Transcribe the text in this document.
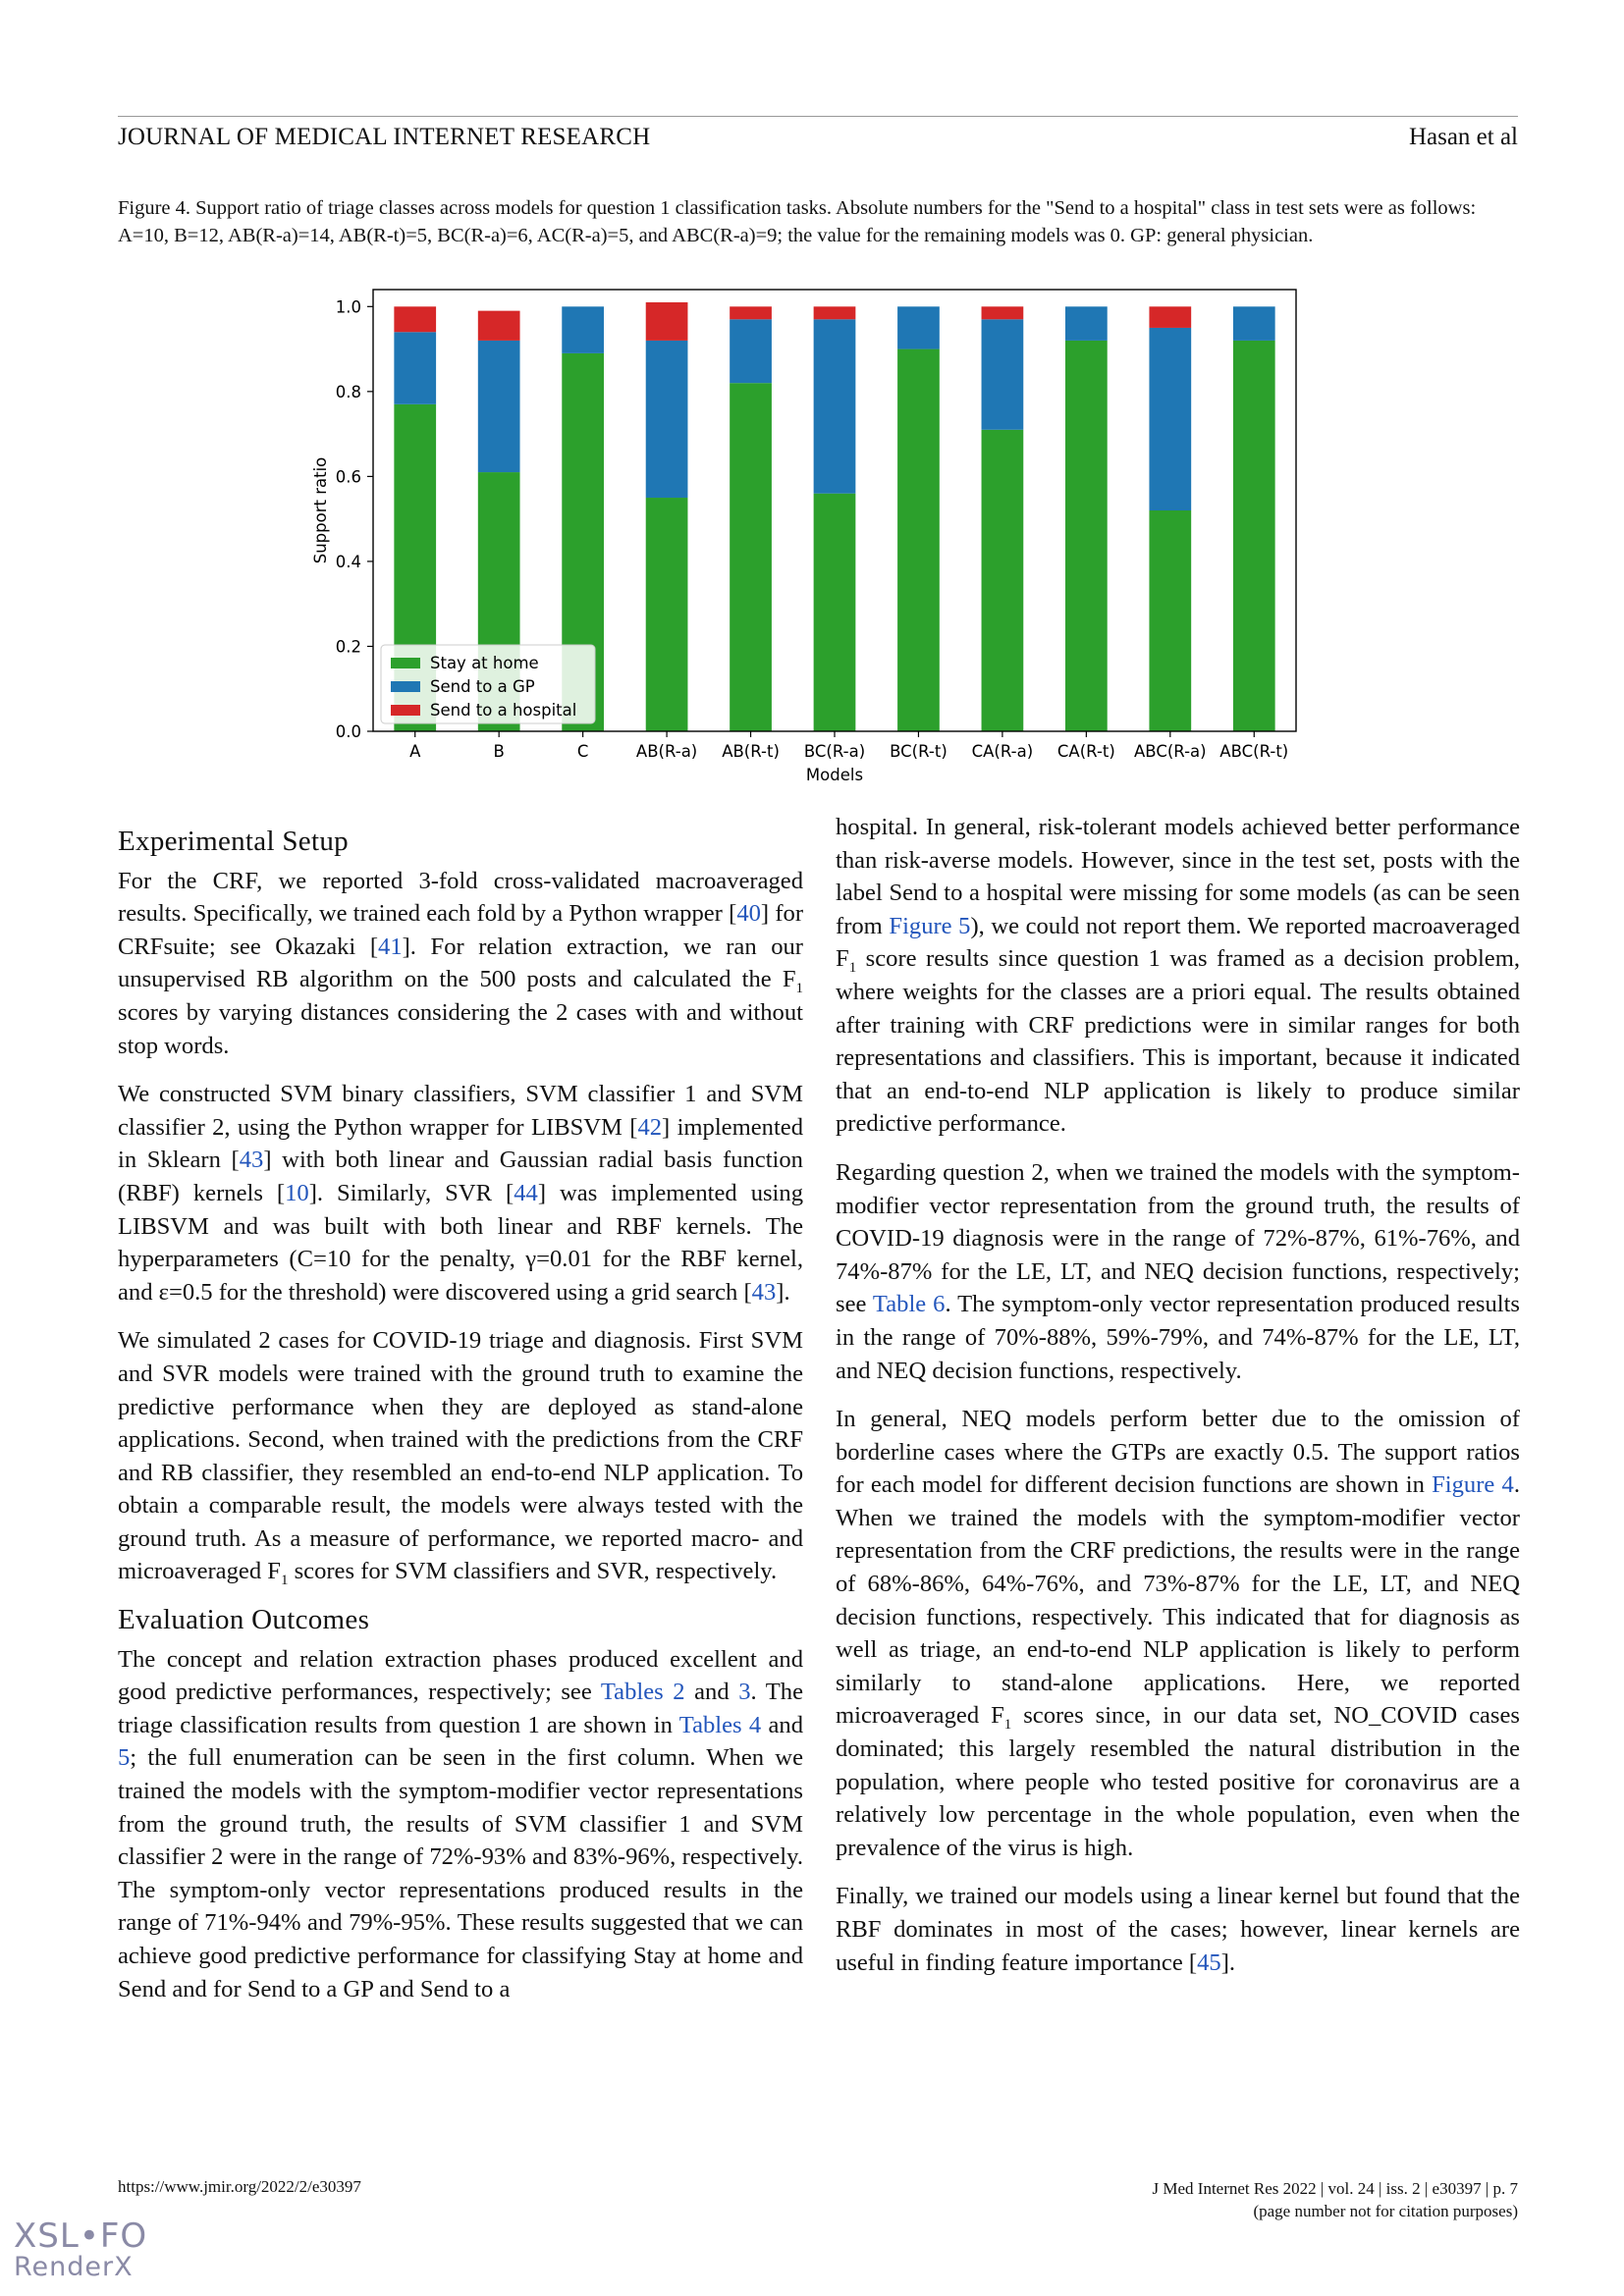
JOURNAL OF MEDICAL INTERNET RESEARCH	Hasan et al
Figure 4. Support ratio of triage classes across models for question 1 classification tasks. Absolute numbers for the "Send to a hospital" class in test sets were as follows: A=10, B=12, AB(R-a)=14, AB(R-t)=5, BC(R-a)=6, AC(R-a)=5, and ABC(R-a)=9; the value for the remaining models was 0. GP: general physician.
A	B	C	AB(R-a) AB(R-t) BC(R-a) BC(R-t) CA(R-a) CA(R-t) ABC(R-a) ABC(R-t)
0.0
0.2
0.4
0.6
0.8
1.0
Models
Support ratio
Stay at home
Send to a GP
Send to a hospital
Experimental Setup

For the CRF, we reported 3-fold cross-validated macroaveraged results. Specifically, we trained each fold by a Python wrapper [40] for CRFsuite; see Okazaki [41]. For relation extraction, we ran our unsupervised RB algorithm on the 500 posts and calculated the $F_1$ scores by varying distances considering the 2 cases with and without stop words.

We constructed SVM binary classifiers, SVM classifier 1 and SVM classifier 2, using the Python wrapper for LIBSVM [42] implemented in Sklearn [43] with both linear and Gaussian radial basis function (RBF) kernels [10]. Similarly, SVR [44] was implemented using LIBSVM and was built with both linear and RBF kernels. The hyperparameters (C=10 for the penalty, γ=0.01 for the RBF kernel, and ε=0.5 for the threshold) were discovered using a grid search [43].

We simulated 2 cases for COVID-19 triage and diagnosis. First SVM and SVR models were trained with the ground truth to examine the predictive performance when they are deployed as stand-alone applications. Second, when trained with the predictions from the CRF and RB classifier, they resembled an end-to-end NLP application. To obtain a comparable result, the models were always tested with the ground truth. As a measure of performance, we reported macro- and microaveraged $F_1$ scores for SVM classifiers and SVR, respectively.

Evaluation Outcomes

The concept and relation extraction phases produced excellent and good predictive performances, respectively; see Tables 2 and 3. The triage classification results from question 1 are shown in Tables 4 and 5; the full enumeration can be seen in the first column. When we trained the models with the symptom-modifier vector representations from the ground truth, the results of SVM classifier 1 and SVM classifier 2 were in the range of 72%-93% and 83%-96%, respectively. The symptom-only vector representations produced results in the range of 71%-94% and 79%-95%. These results suggested that we can achieve good predictive performance for classifying Stay at home and Send and for Send to a GP and Send to a

hospital. In general, risk-tolerant models achieved better performance than risk-averse models. However, since in the test set, posts with the label Send to a hospital were missing for some models (as can be seen from Figure 5), we could not report them. We reported macroaveraged $F_1$ score results since question 1 was framed as a decision problem, where weights for the classes are a priori equal. The results obtained after training with CRF predictions were in similar ranges for both representations and classifiers. This is important, because it indicated that an end-to-end NLP application is likely to produce similar predictive performance.

Regarding question 2, when we trained the models with the symptom-modifier vector representation from the ground truth, the results of COVID-19 diagnosis were in the range of 72%-87%, 61%-76%, and 74%-87% for the LE, LT, and NEQ decision functions, respectively; see Table 6. The symptom-only vector representation produced results in the range of 70%-88%, 59%-79%, and 74%-87% for the LE, LT, and NEQ decision functions, respectively.

In general, NEQ models perform better due to the omission of borderline cases where the GTPs are exactly 0.5. The support ratios for each model for different decision functions are shown in Figure 4. When we trained the models with the symptom-modifier vector representation from the CRF predictions, the results were in the range of 68%-86%, 64%-76%, and 73%-87% for the LE, LT, and NEQ decision functions, respectively. This indicated that for diagnosis as well as triage, an end-to-end NLP application is likely to perform similarly to stand-alone applications. Here, we reported microaveraged $F_1$ scores since, in our data set, NO_COVID cases dominated; this largely resembled the natural distribution in the population, where people who tested positive for coronavirus are a relatively low percentage in the whole population, even when the prevalence of the virus is high.

Finally, we trained our models using a linear kernel but found that the RBF dominates in most of the cases; however, linear kernels are useful in finding feature importance [45].

https://www.jmir.org/2022/2/e30397	J Med Internet Res 2022 | vol. 24 | iss. 2 | e30397 | p. 7
(page number not for citation purposes)
XSL•FO
RenderX
